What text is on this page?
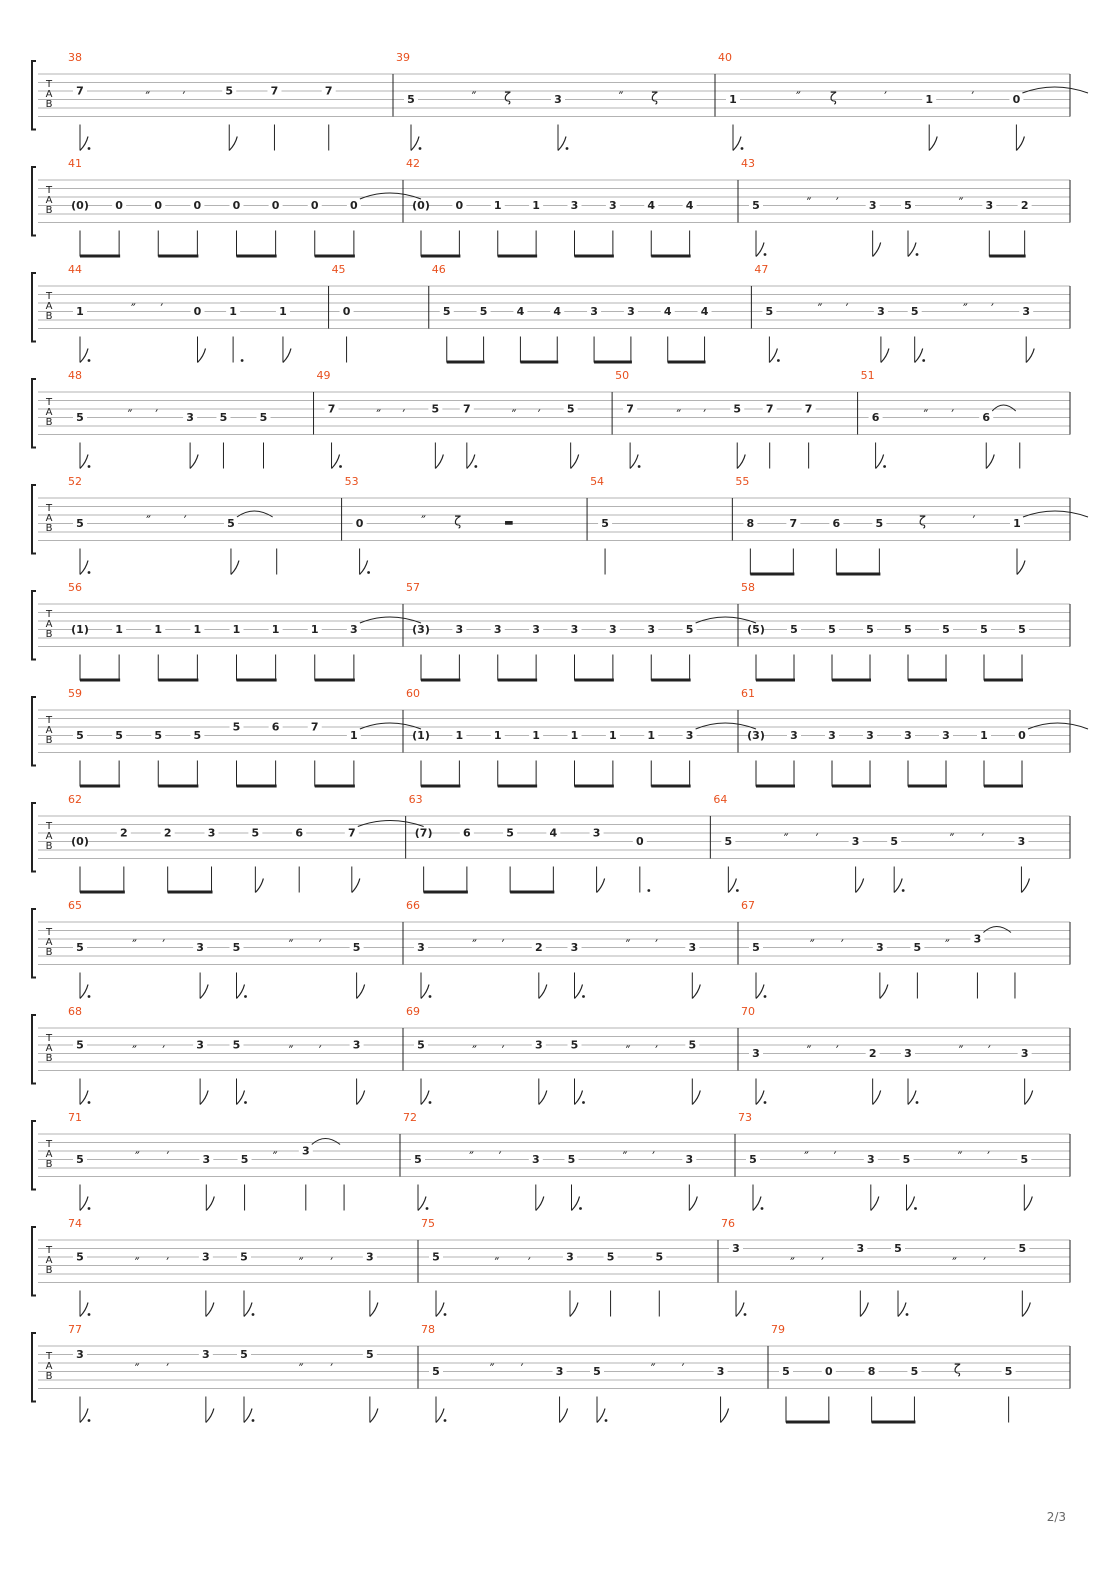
T
A
B
38
7	″ ′	5	7	7
39
5	″ ζ	3	″ ζ
40
1	″ ζ	′	1	′	0
T
A
B
41
(0) 0	0	0	0	0	0	0
42
(0) 0	1	1	3	3	4	4
43
5	″ ′	3	5	″ 3	2
T
A
B
44
1	″ ′	0	1	1
45
0
46
5	5	4	4	3	3	4	4
47
5	″ ′	3 5	″ ′	3
T
A
B
48
5	″ ′	3 5	5
49
7	″ ′ 5 7	″ ′ 5
50
7	″ ′ 5 7	7
51
6	″ ′	6
T
A
B
52
5	″	′	5
53
0	″ ζ	▬
54
5
55
8	7	6	5	ζ	′	1
T
A
B
56
(1) 1	1	1	1	1	1	3
57
(3) 3	3	3	3	3	3	5
58
(5) 5	5	5	5	5	5	5
T
A
B
59
5	5	5	5
5	6	7
1
60
(1) 1	1	1	1	1	1	3
61
(3) 3	3	3	3	3	1	0
T
A
B
62
(0)
2	2	3	5	6	7
63
(7)	6	5	4	3
0
64
5	″ ′	3	5	″ ′	3
T
A
B
65
5	″ ′	3	5	″ ′	5
66
3	″ ′	2	3	″ ′	3
67
5	″ ′	3	5 ″ 3
T
A
B
68
5	″ ′	3	5	″ ′	3
69
5	″ ′	3	5	″ ′	5
70
3	″ ′	2	3	″ ′	3
T
A
B
71
5	″ ′	3	5 ″ 3
72
5	″ ′	3	5	″ ′	3
73
5	″ ′	3	5	″ ′	5
T
A
B
74
5	″ ′	3	5	″ ′	3
75
5	″ ′	3	5	5
76
3
″ ′
3	5
″ ′
5
T
A
B
77
3
″ ′
3	5
″ ′
5
78
5	″ ′	3	5	″ ′	3
79
5	0	8	5	ζ	5
2/3
